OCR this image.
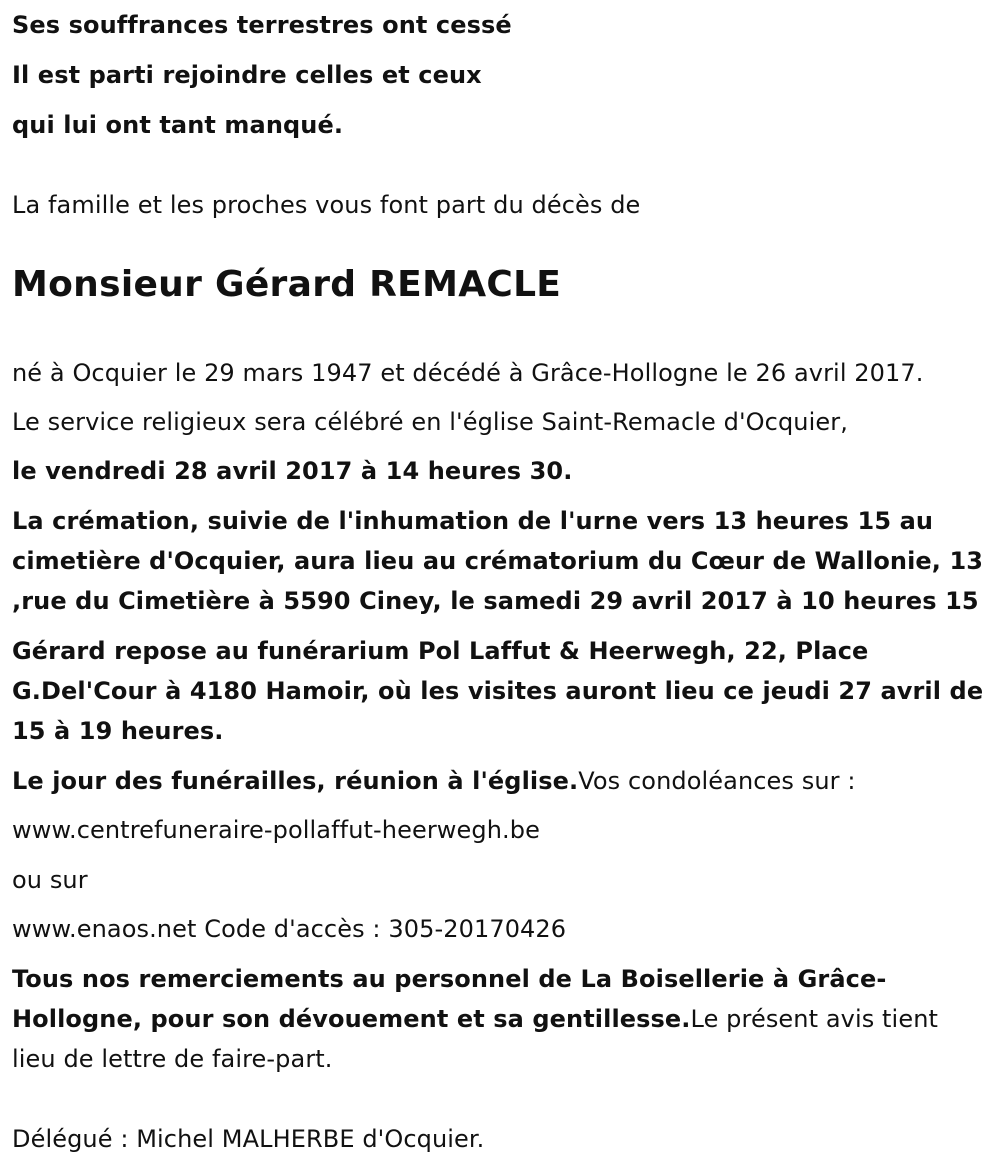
Ses souffrances terrestres ont cessé
Il est parti rejoindre celles et ceux
qui lui ont tant manqué.
La famille et les proches vous font part du décès de
Monsieur Gérard REMACLE
né à Ocquier le 29 mars 1947 et décédé à Grâce-Hollogne le 26 avril 2017.
Le service religieux sera célébré en l'église Saint-Remacle d'Ocquier,
le vendredi 28 avril 2017 à 14 heures 30.
La crémation, suivie de l'inhumation de l'urne vers 13 heures 15 au
cimetière d'Ocquier, aura lieu au crématorium du Cœur de Wallonie, 13
,rue du Cimetière à 5590 Ciney, le samedi 29 avril 2017 à 10 heures 15
Gérard repose au funérarium Pol Laffut & Heerwegh, 22, Place
G.Del'Cour à 4180 Hamoir, où les visites auront lieu ce jeudi 27 avril de
15 à 19 heures.
Le jour des funérailles, réunion à l'église.Vos condoléances sur :
www.centrefuneraire-pollaffut-heerwegh.be
ou sur
www.enaos.net Code d'accès : 305-20170426
Tous nos remerciements au personnel de La Boisellerie à Grâce-
Hollogne, pour son dévouement et sa gentillesse.Le présent avis tient
lieu de lettre de faire-part.
Délégué : Michel MALHERBE d'Ocquier.
